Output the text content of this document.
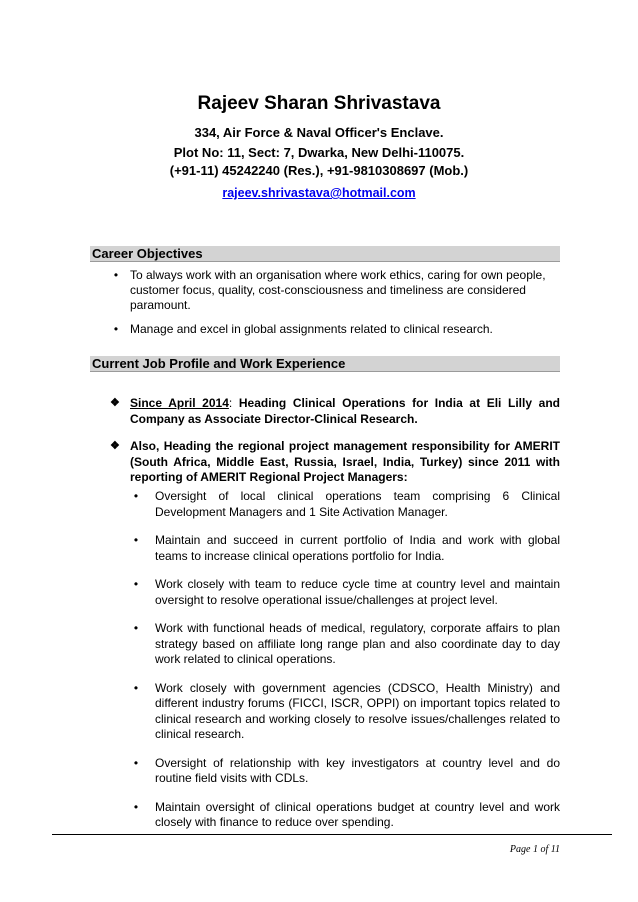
Rajeev Sharan Shrivastava

334, Air Force & Naval Officer's Enclave.

Plot No: 11, Sect: 7, Dwarka, New Delhi-110075.

(+91-11) 45242240 (Res.), +91-9810308697 (Mob.)

rajeev.shrivastava@hotmail.com
Career Objectives
• To always work with an organisation where work ethics, caring for own people, customer focus, quality, cost-consciousness and timeliness are considered paramount.
• Manage and excel in global assignments related to clinical research.
Current Job Profile and Work Experience
❖ Since April 2014: Heading Clinical Operations for India at Eli Lilly and Company as Associate Director-Clinical Research.
❖ Also, Heading the regional project management responsibility for AMERIT (South Africa, Middle East, Russia, Israel, India, Turkey) since 2011 with reporting of AMERIT Regional Project Managers:
•	Oversight of local clinical operations team comprising 6 Clinical Development Managers and 1 Site Activation Manager.
•	Maintain and succeed in current portfolio of India and work with global teams to increase clinical operations portfolio for India.
•	Work closely with team to reduce cycle time at country level and maintain oversight to resolve operational issue/challenges at project level.
•	Work with functional heads of medical, regulatory, corporate affairs to plan strategy based on affiliate long range plan and also coordinate day to day work related to clinical operations.
•	Work closely with government agencies (CDSCO, Health Ministry) and different industry forums (FICCI, ISCR, OPPI) on important topics related to clinical research and working closely to resolve issues/challenges related to clinical research.
•	Oversight of relationship with key investigators at country level and do routine field visits with CDLs.
•	Maintain oversight of clinical operations budget at country level and work closely with finance to reduce over spending.
Page 1 of 11
